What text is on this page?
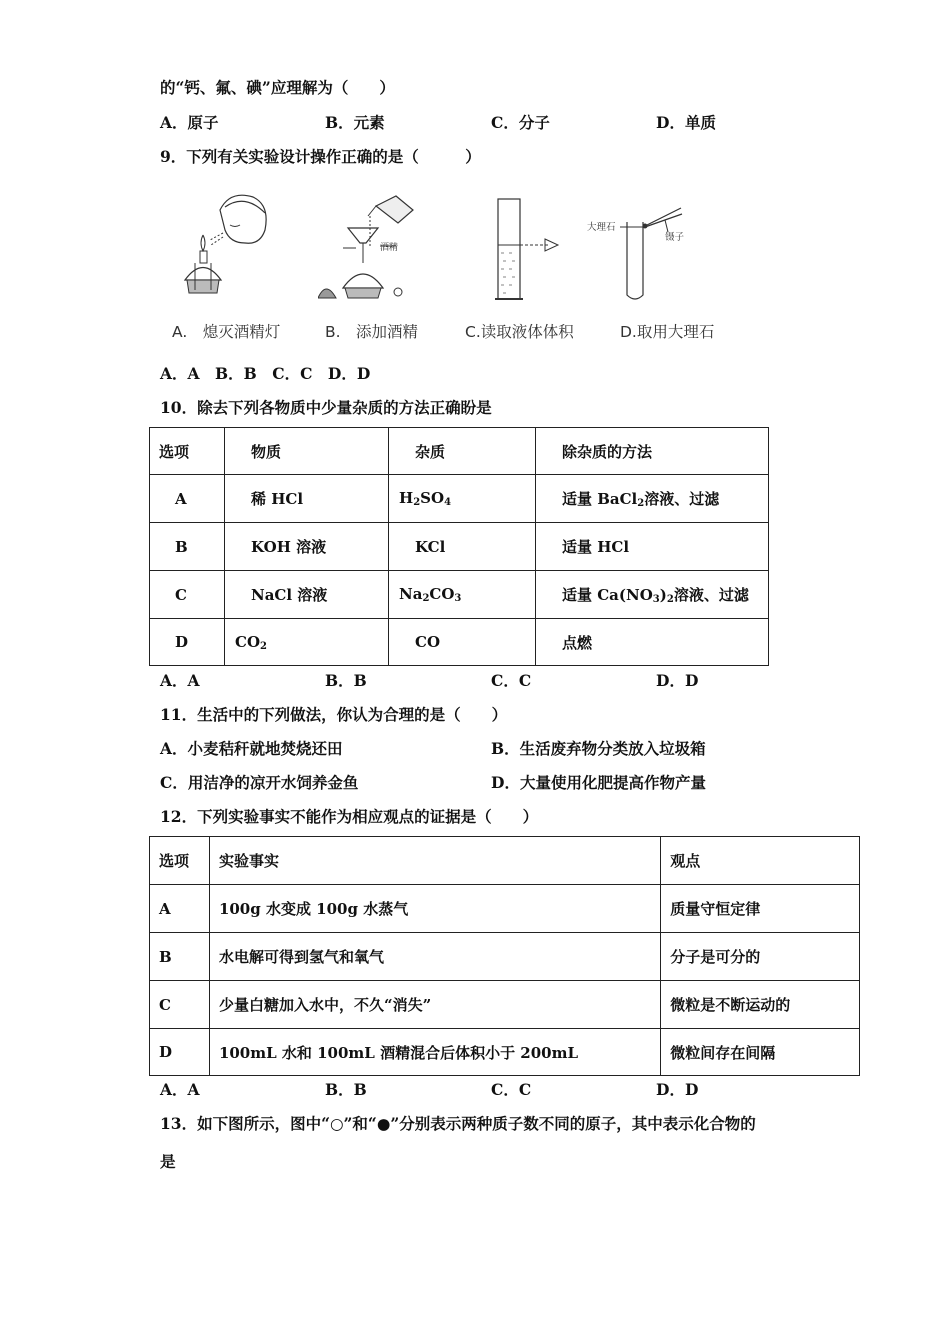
的“钙、氟、碘”应理解为（　　）
A．原子	B．元素	C．分子	D．单质
9．下列有关实验设计操作正确的是（　　　）
酒精
大理石
镊子
A.　熄灭酒精灯	B.　添加酒精	C.读取液体体积	D.取用大理石
A．A　B．B　C．C　D．D
10．除去下列各物质中少量杂质的方法正确盼是
选项	物质	杂质	除杂质的方法

A	稀 HCl	$H_2SO_4$	适量 BaCl$_2$溶液、过滤

B	KOH 溶液	KCl	适量 HCl

C	NaCl 溶液	$Na_2CO_3$	适量 $Ca(NO_3)_2$溶液、过滤

D	$CO_2$	CO	点燃
A．A	B．B	C．C	D．D
11．生活中的下列做法，你认为合理的是（　　）
A．小麦秸秆就地焚烧还田	B．生活废弃物分类放入垃圾箱
C．用洁净的凉开水饲养金鱼	D．大量使用化肥提高作物产量
12．下列实验事实不能作为相应观点的证据是（　　）
选项	实验事实	观点

A	100g 水变成 100g 水蒸气	质量守恒定律

B	水电解可得到氢气和氧气	分子是可分的

C	少量白糖加入水中，不久“消失”	微粒是不断运动的

D	100mL 水和 100mL 酒精混合后体积小于 200mL	微粒间存在间隔
A．A	B．B	C．C	D．D
13．如下图所示，图中“○”和“●”分别表示两种质子数不同的原子，其中表示化合物的
是
